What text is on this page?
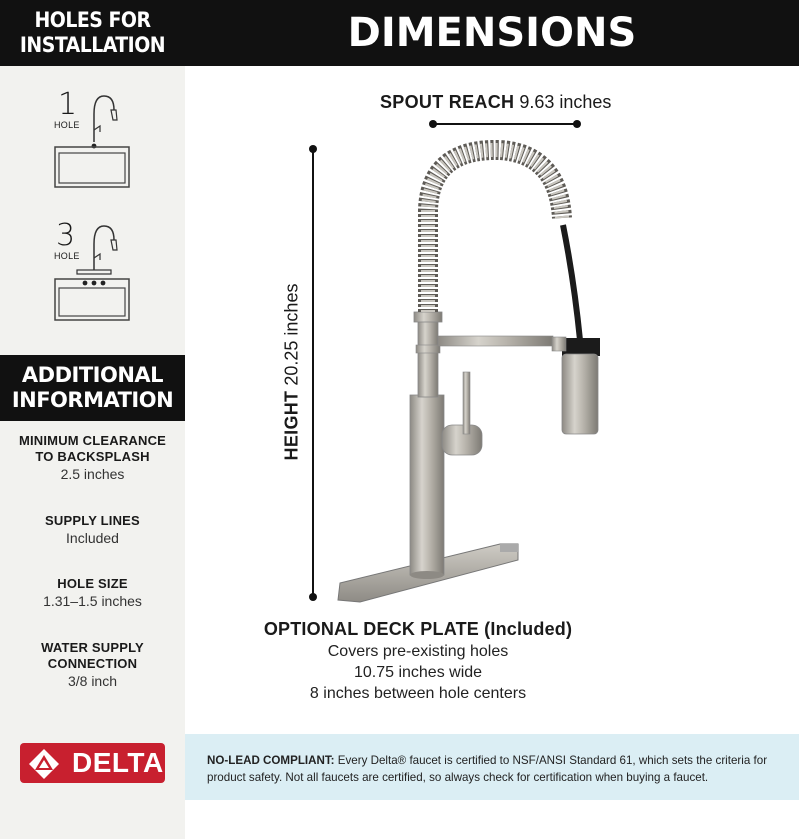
HOLES FOR
INSTALLATION
1
HOLE
3
HOLE
ADDITIONAL
INFORMATION
MINIMUM CLEARANCE
TO BACKSPLASH
2.5 inches
SUPPLY LINES
Included
HOLE SIZE
1.31–1.5 inches
WATER SUPPLY
CONNECTION
3/8 inch
DIMENSIONS
SPOUT REACH 9.63 inches
HEIGHT 20.25 inches
OPTIONAL DECK PLATE (Included)
Covers pre-existing holes
10.75 inches wide
8 inches between hole centers
DELTA	NO-LEAD COMPLIANT: Every Delta® faucet is certified to NSF/ANSI Standard 61, which sets the criteria for product safety. Not all faucets are certified, so always check for certification when buying a faucet.
